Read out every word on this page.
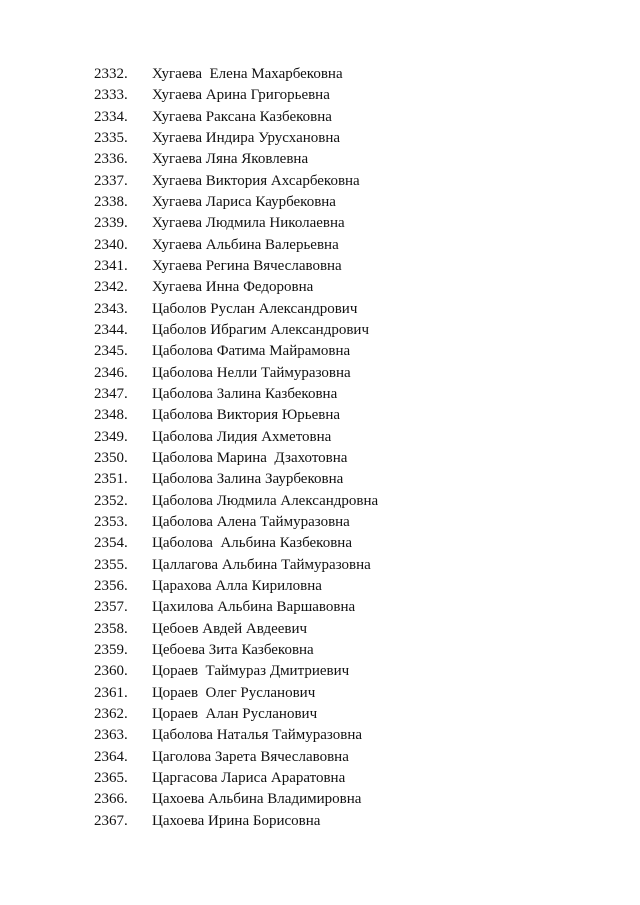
2332.	Хугаева  Елена Махарбековна
2333.	Хугаева Арина Григорьевна
2334.	Хугаева Раксана Казбековна
2335.	Хугаева Индира Урусхановна
2336.	Хугаева Ляна Яковлевна
2337.	Хугаева Виктория Ахсарбековна
2338.	Хугаева Лариса Каурбековна
2339.	Хугаева Людмила Николаевна
2340.	Хугаева Альбина Валерьевна
2341.	Хугаева Регина Вячеславовна
2342.	Хугаева Инна Федоровна
2343.	Цаболов Руслан Александрович
2344.	Цаболов Ибрагим Александрович
2345.	Цаболова Фатима Майрамовна
2346.	Цаболова Нелли Таймуразовна
2347.	Цаболова Залина Казбековна
2348.	Цаболова Виктория Юрьевна
2349.	Цаболова Лидия Ахметовна
2350.	Цаболова Марина  Дзахотовна
2351.	Цаболова Залина Заурбековна
2352.	Цаболова Людмила Александровна
2353.	Цаболова Алена Таймуразовна
2354.	Цаболова  Альбина Казбековна
2355.	Цаллагова Альбина Таймуразовна
2356.	Царахова Алла Кириловна
2357.	Цахилова Альбина Варшавовна
2358.	Цебоев Авдей Авдеевич
2359.	Цебоева Зита Казбековна
2360.	Цораев  Таймураз Дмитриевич
2361.	Цораев  Олег Русланович
2362.	Цораев  Алан Русланович
2363.	Цаболова Наталья Таймуразовна
2364.	Цаголова Зарета Вячеславовна
2365.	Царгасова Лариса Араратовна
2366.	Цахоева Альбина Владимировна
2367.	Цахоева Ирина Борисовна
